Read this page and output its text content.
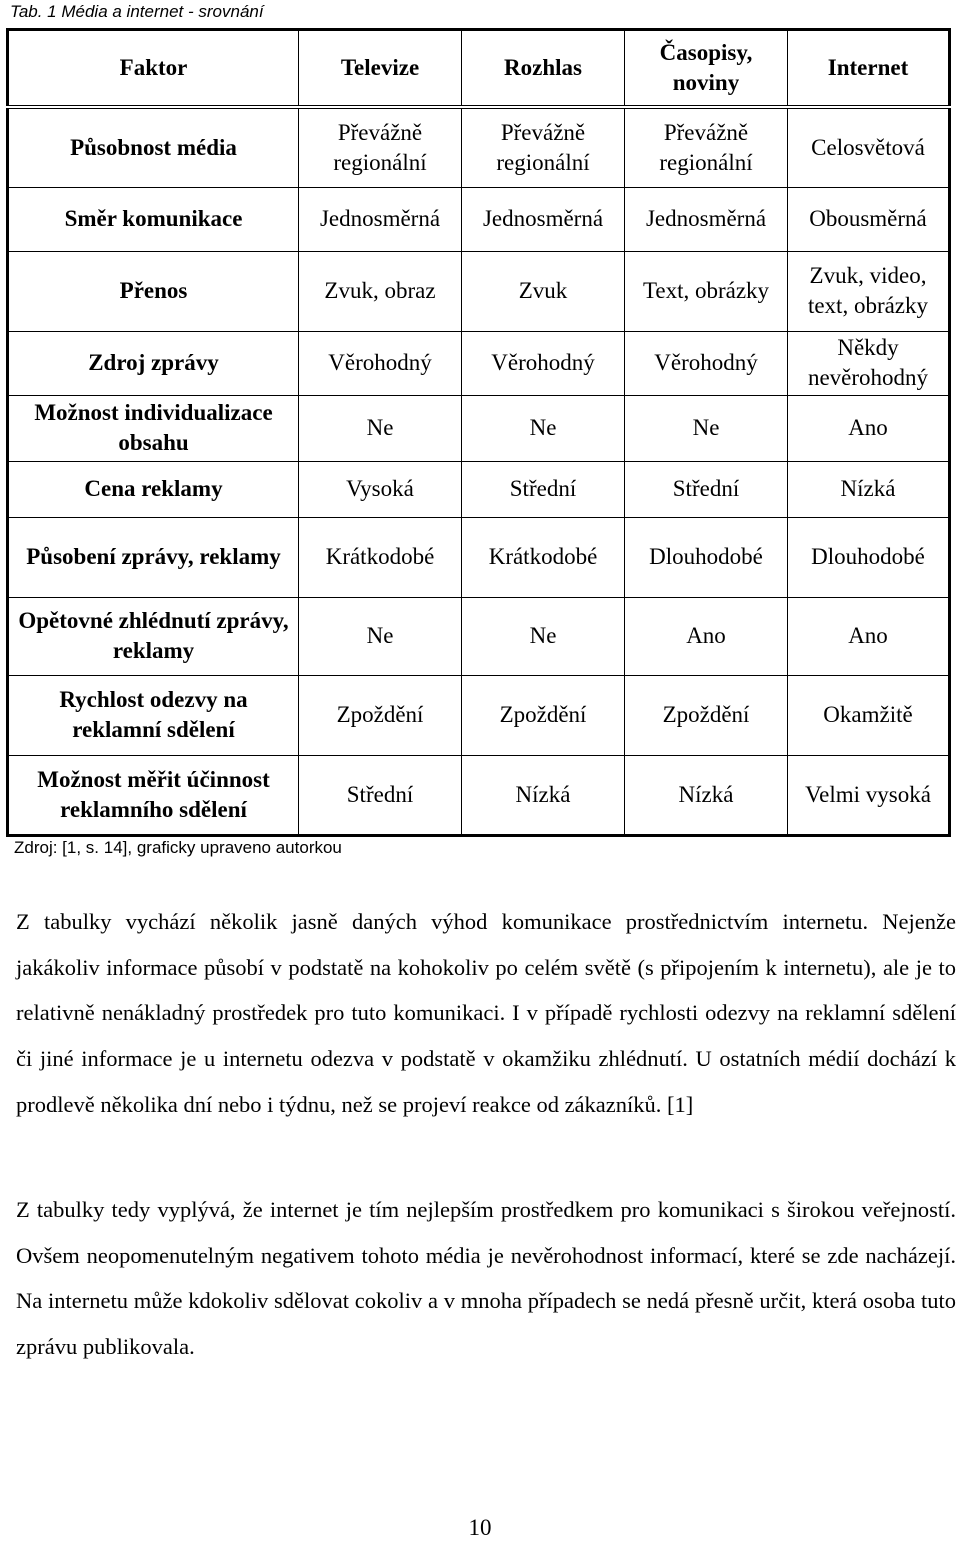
Tab. 1 Média a internet - srovnání
Faktor	Televize	Rozhlas	Časopisy, noviny	Internet
Působnost média	Převážně regionální	Převážně regionální	Převážně regionální	Celosvětová
Směr komunikace	Jednosměrná	Jednosměrná	Jednosměrná	Obousměrná
Přenos	Zvuk, obraz	Zvuk	Text, obrázky	Zvuk, video, text, obrázky
Zdroj zprávy	Věrohodný	Věrohodný	Věrohodný	Někdy nevěrohodný
Možnost individualizace obsahu	Ne	Ne	Ne	Ano
Cena reklamy	Vysoká	Střední	Střední	Nízká
Působení zprávy, reklamy	Krátkodobé	Krátkodobé	Dlouhodobé	Dlouhodobé
Opětovné zhlédnutí zprávy, reklamy	Ne	Ne	Ano	Ano
Rychlost odezvy na reklamní sdělení	Zpoždění	Zpoždění	Zpoždění	Okamžitě
Možnost měřit účinnost reklamního sdělení	Střední	Nízká	Nízká	Velmi vysoká
Zdroj: [1, s. 14], graficky upraveno autorkou

Z tabulky vychází několik jasně daných výhod komunikace prostřednictvím internetu. Nejenže jakákoliv informace působí v podstatě na kohokoliv po celém světě (s připojením k internetu), ale je to relativně nenákladný prostředek pro tuto komunikaci. I v případě rychlosti odezvy na reklamní sdělení či jiné informace je u internetu odezva v podstatě v okamžiku zhlédnutí. U ostatních médií dochází k prodlevě několika dní nebo i týdnu, než se projeví reakce od zákazníků. [1]

Z tabulky tedy vyplývá, že internet je tím nejlepším prostředkem pro komunikaci s širokou veřejností. Ovšem neopomenutelným negativem tohoto média je nevěrohodnost informací, které se zde nacházejí. Na internetu může kdokoliv sdělovat cokoliv a v mnoha případech se nedá přesně určit, která osoba tuto zprávu publikovala.

10
